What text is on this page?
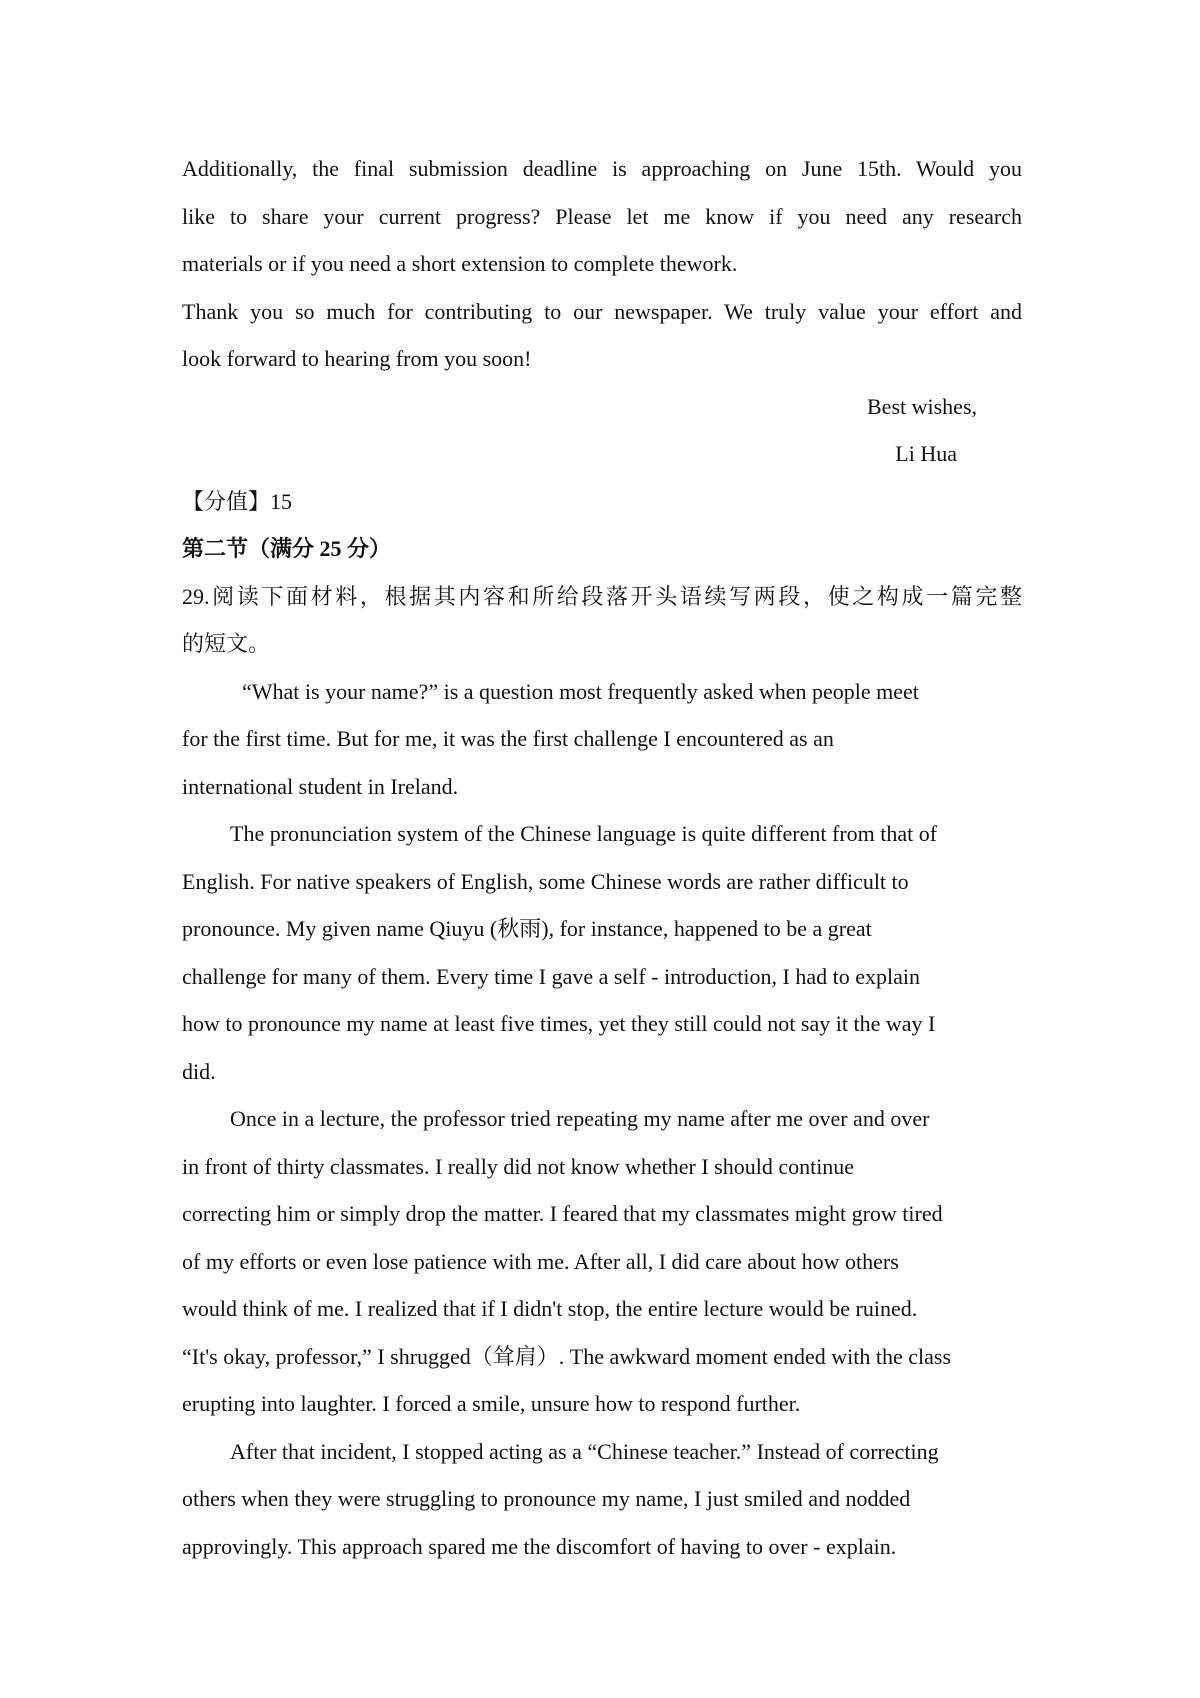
Additionally, the final submission deadline is approaching on June 15th. Would you
like to share your current progress? Please let me know if you need any research
materials or if you need a short extension to complete thework.
Thank you so much for contributing to our newspaper. We truly value your effort and
look forward to hearing from you soon!
Best wishes,
Li Hua
【分值】15
第二节（满分 25 分）
29.阅读下面材料，根据其内容和所给段落开头语续写两段，使之构成一篇完整
的短文。
“What is your name?” is a question most frequently asked when people meet
for the first time. But for me, it was the first challenge I encountered as an
international student in Ireland.
The pronunciation system of the Chinese language is quite different from that of
English. For native speakers of English, some Chinese words are rather difficult to
pronounce. My given name Qiuyu (秋雨), for instance, happened to be a great
challenge for many of them. Every time I gave a self - introduction, I had to explain
how to pronounce my name at least five times, yet they still could not say it the way I
did.
Once in a lecture, the professor tried repeating my name after me over and over
in front of thirty classmates. I really did not know whether I should continue
correcting him or simply drop the matter. I feared that my classmates might grow tired
of my efforts or even lose patience with me. After all, I did care about how others
would think of me. I realized that if I didn't stop, the entire lecture would be ruined.
“It's okay, professor,” I shrugged（耸肩）. The awkward moment ended with the class
erupting into laughter. I forced a smile, unsure how to respond further.
After that incident, I stopped acting as a “Chinese teacher.” Instead of correcting
others when they were struggling to pronounce my name, I just smiled and nodded
approvingly. This approach spared me the discomfort of having to over - explain.
